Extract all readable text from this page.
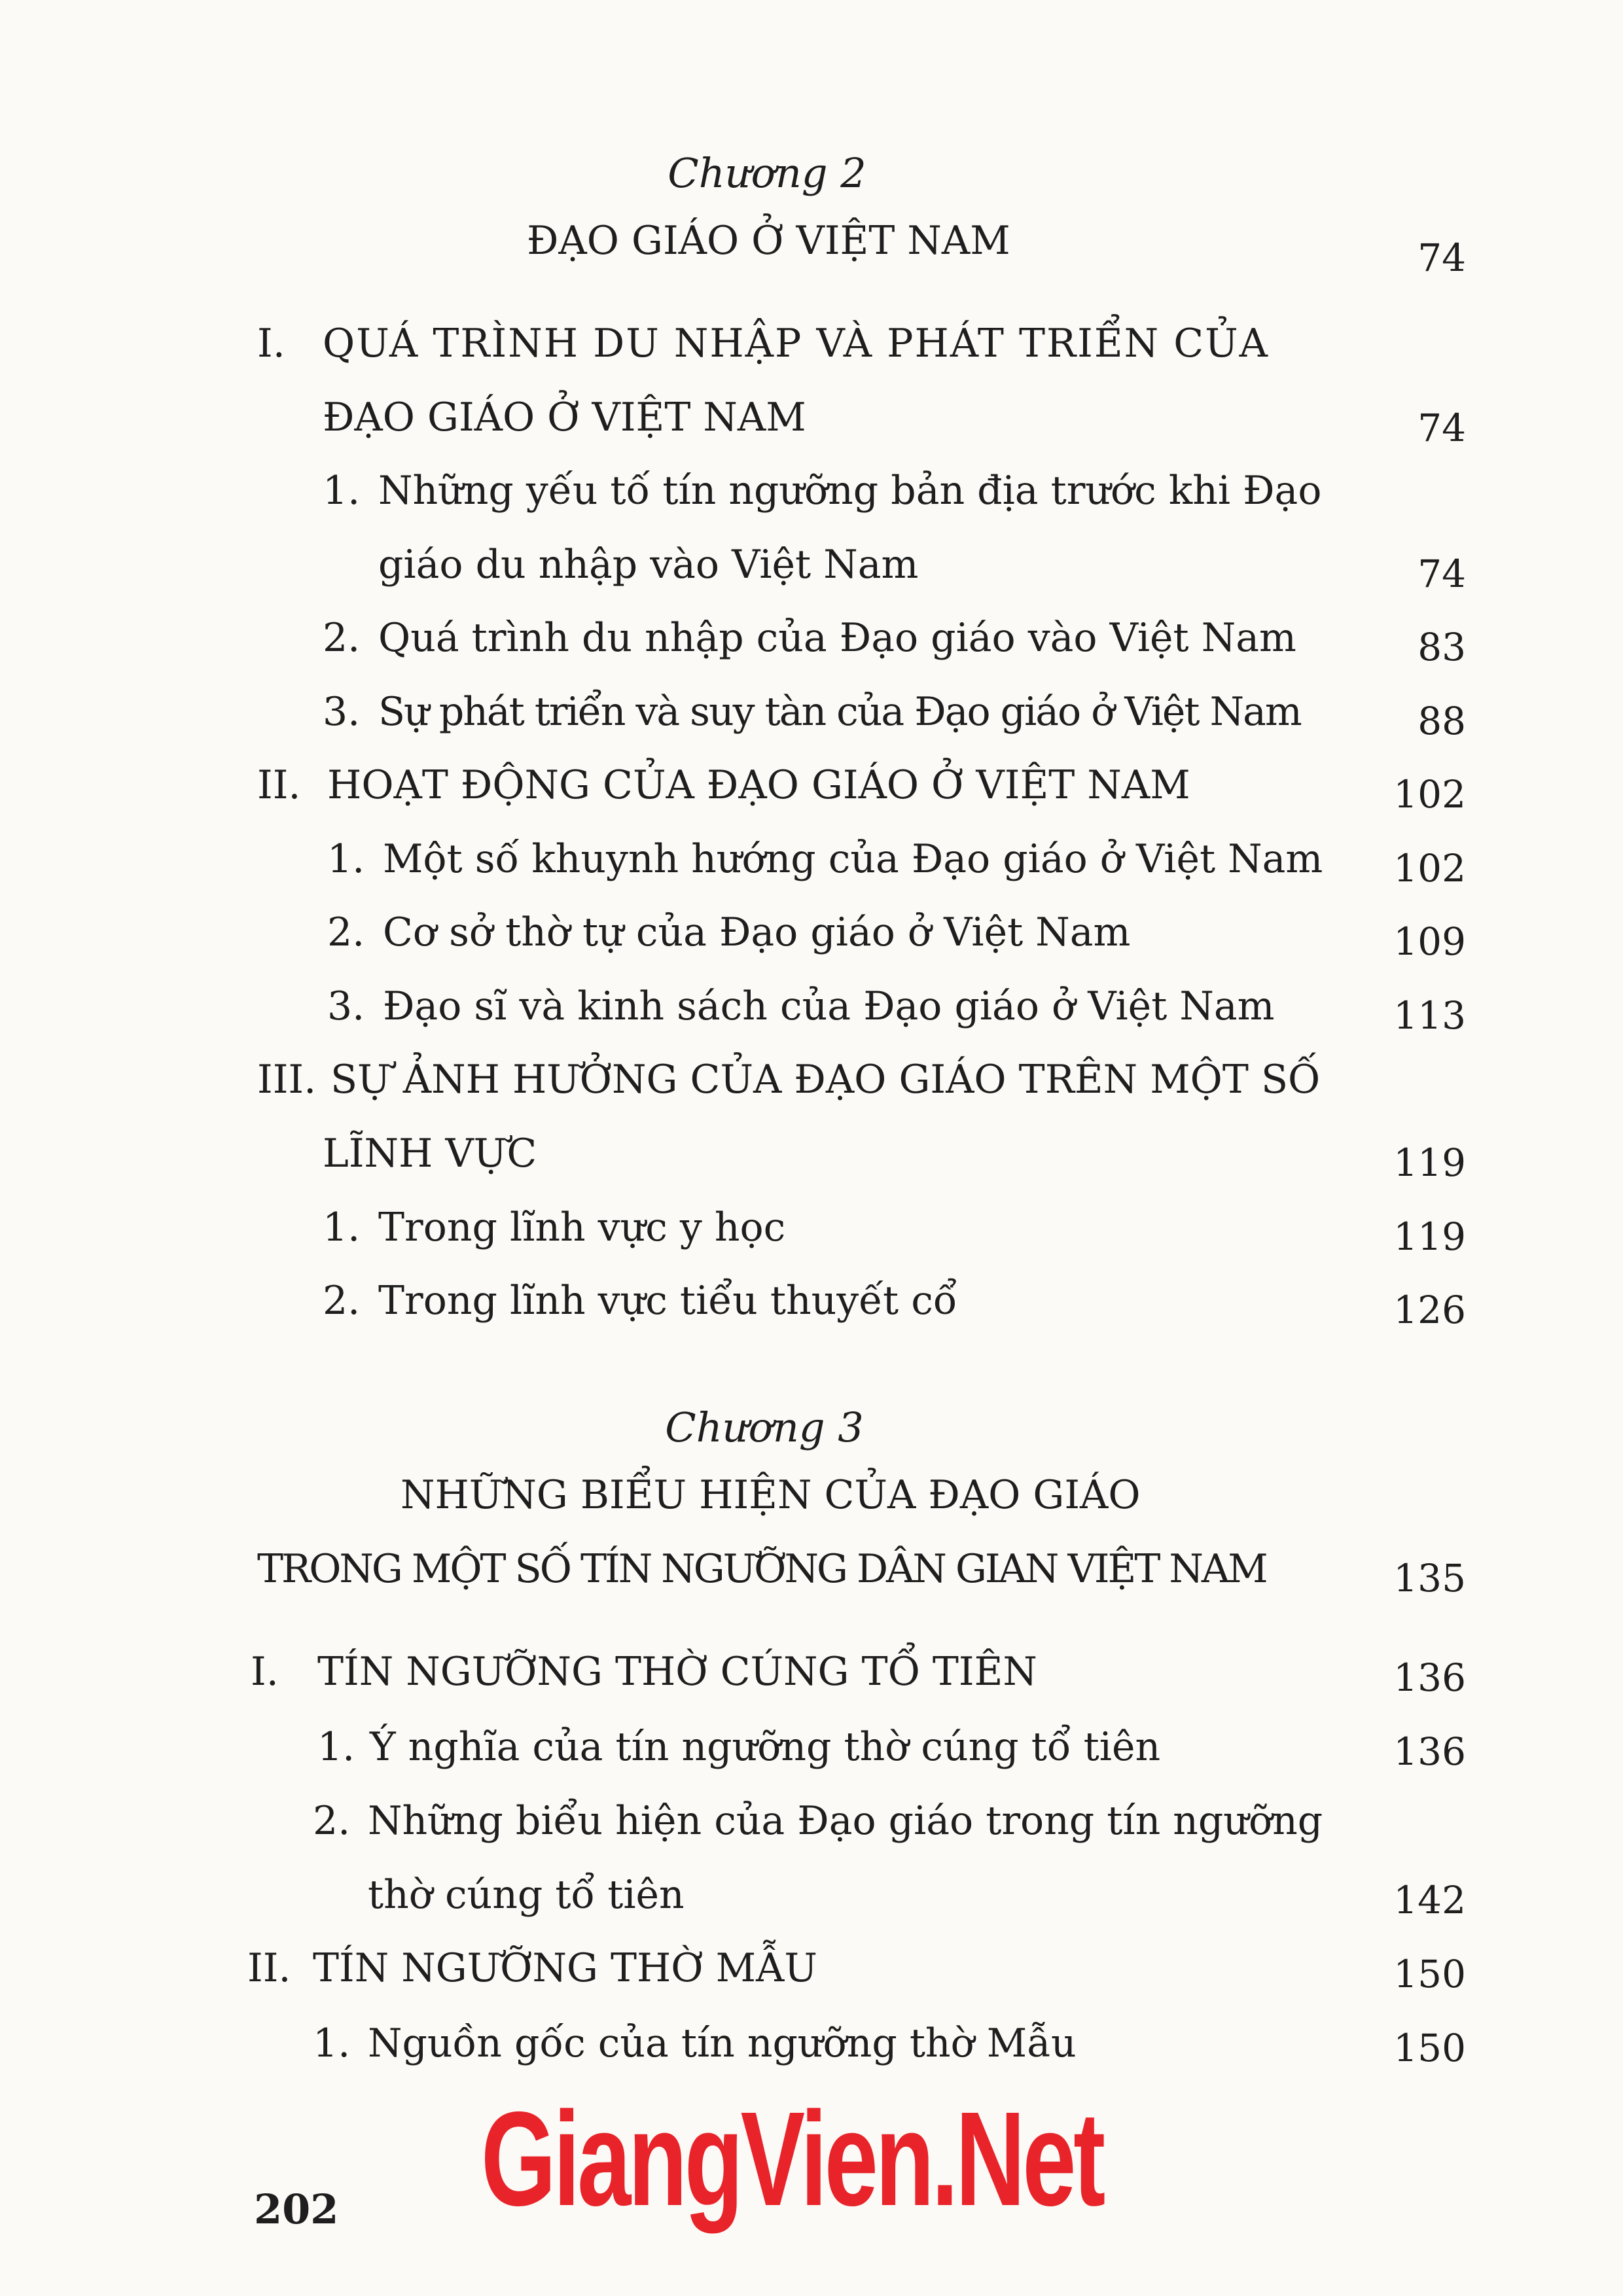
Chương 2
ĐẠO GIÁO Ở VIỆT NAM	74
I. QUÁ TRÌNH DU NHẬP VÀ PHÁT TRIỂN CỦA
ĐẠO GIÁO Ở VIỆT NAM	74
1. Những yếu tố tín ngưỡng bản địa trước khi Đạo
giáo du nhập vào Việt Nam	74
2. Quá trình du nhập của Đạo giáo vào Việt Nam	83
3. Sự phát triển và suy tàn của Đạo giáo ở Việt Nam	88
II. HOẠT ĐỘNG CỦA ĐẠO GIÁO Ở VIỆT NAM	102
1. Một số khuynh hướng của Đạo giáo ở Việt Nam	102
2. Cơ sở thờ tự của Đạo giáo ở Việt Nam	109
3. Đạo sĩ và kinh sách của Đạo giáo ở Việt Nam	113
III. SỰ ẢNH HƯỞNG CỦA ĐẠO GIÁO TRÊN MỘT SỐ
LĨNH VỰC	119
1. Trong lĩnh vực y học	119
2. Trong lĩnh vực tiểu thuyết cổ	126
Chương 3
NHỮNG BIỂU HIỆN CỦA ĐẠO GIÁO
TRONG MỘT SỐ TÍN NGƯỠNG DÂN GIAN VIỆT NAM	135
I. TÍN NGƯỠNG THỜ CÚNG TỔ TIÊN	136
1. Ý nghĩa của tín ngưỡng thờ cúng tổ tiên	136
2. Những biểu hiện của Đạo giáo trong tín ngưỡng
thờ cúng tổ tiên	142
II. TÍN NGƯỠNG THỜ MẪU	150
1. Nguồn gốc của tín ngưỡng thờ Mẫu	150
GiangVien.Net
202
